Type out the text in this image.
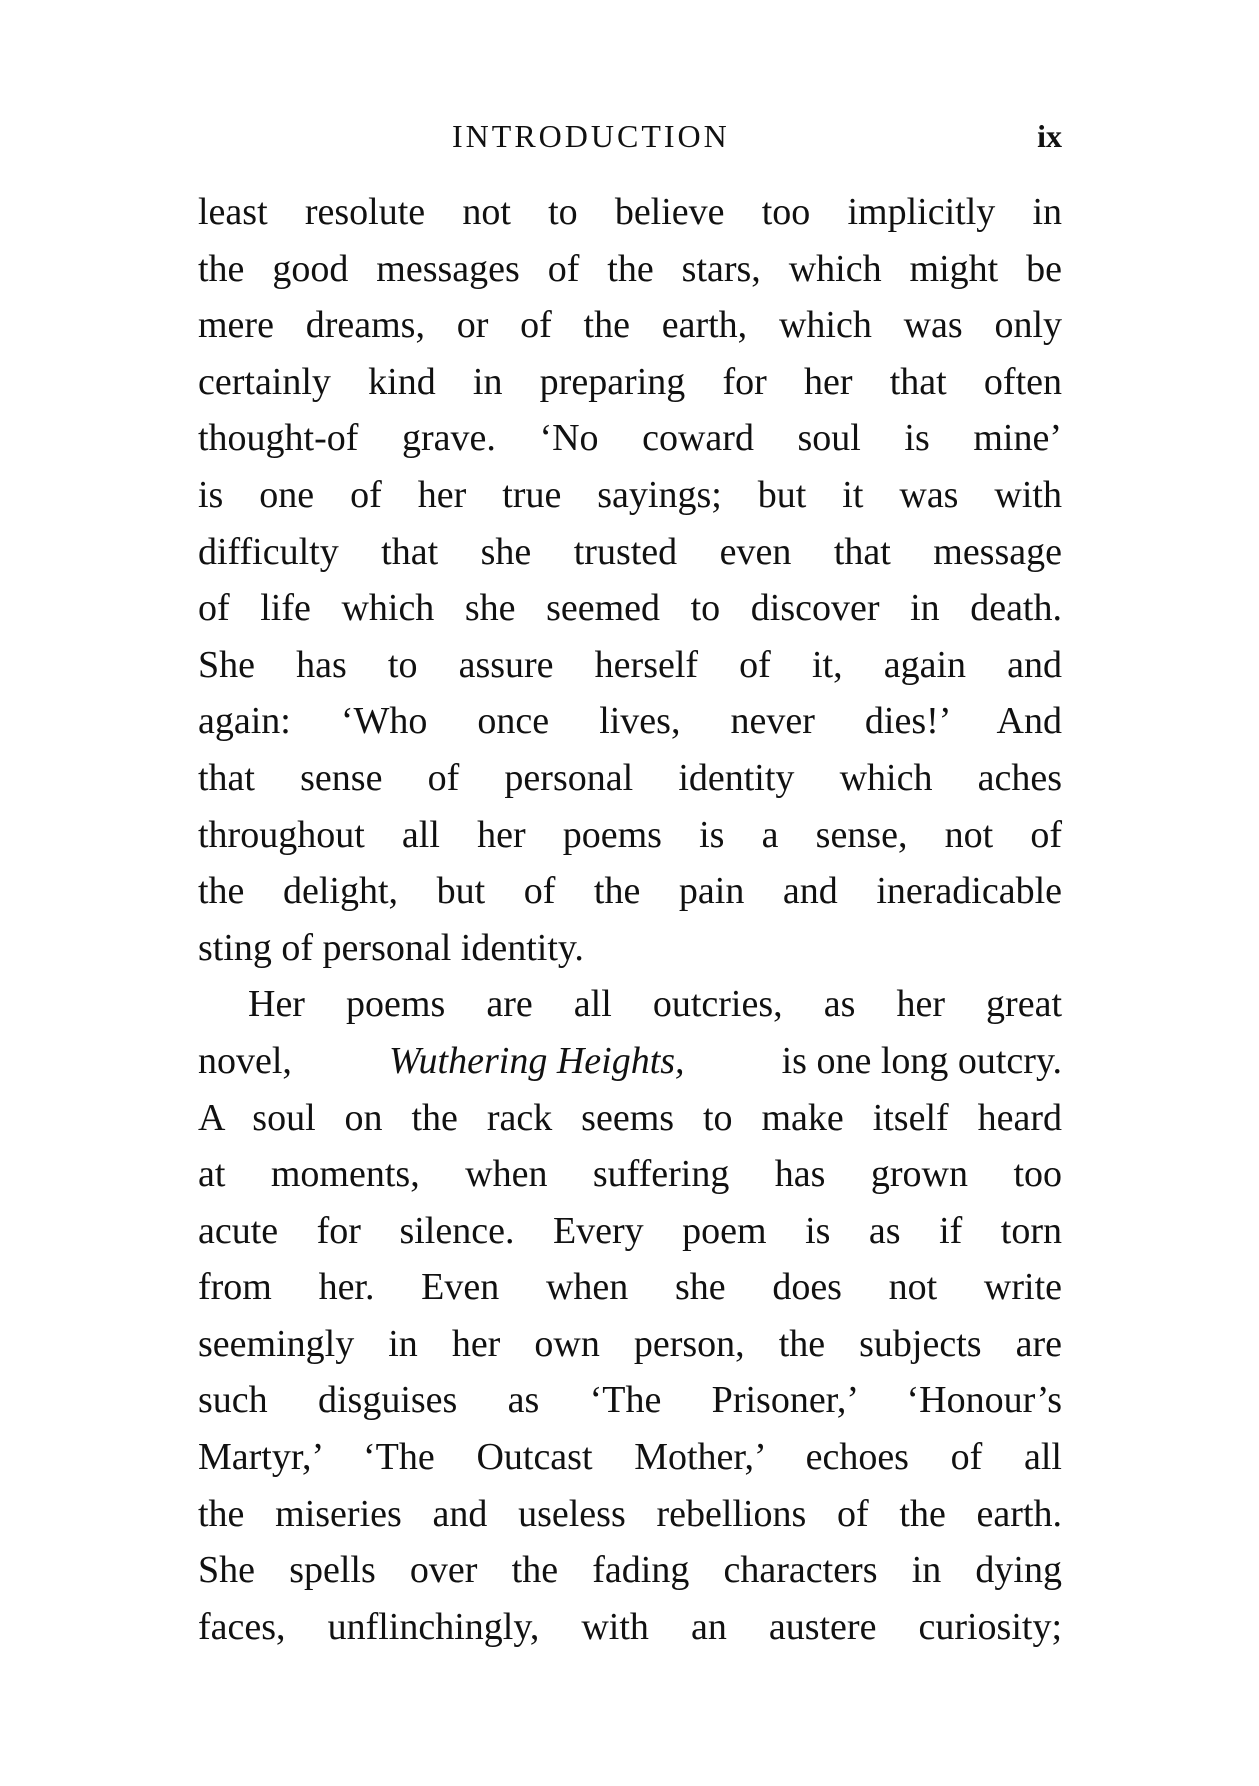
INTRODUCTION	ix
least resolute not to believe too implicitly in
the good messages of the stars, which might be
mere dreams, or of the earth, which was only
certainly kind in preparing for her that often
thought-of grave. ‘No coward soul is mine’
is one of her true sayings; but it was with
difficulty that she trusted even that message
of life which she seemed to discover in death.
She has to assure herself of it, again and
again: ‘Who once lives, never dies!’ And
that sense of personal identity which aches
throughout all her poems is a sense, not of
the delight, but of the pain and ineradicable
sting of personal identity.
Her poems are all outcries, as her great
novel,	Wuthering Heights,	is one long outcry.
A soul on the rack seems to make itself heard
at moments, when suffering has grown too
acute for silence. Every poem is as if torn
from her. Even when she does not write
seemingly in her own person, the subjects are
such disguises as ‘The Prisoner,’ ‘Honour’s
Martyr,’ ‘The Outcast Mother,’ echoes of all
the miseries and useless rebellions of the earth.
She spells over the fading characters in dying
faces, unflinchingly, with an austere curiosity;
